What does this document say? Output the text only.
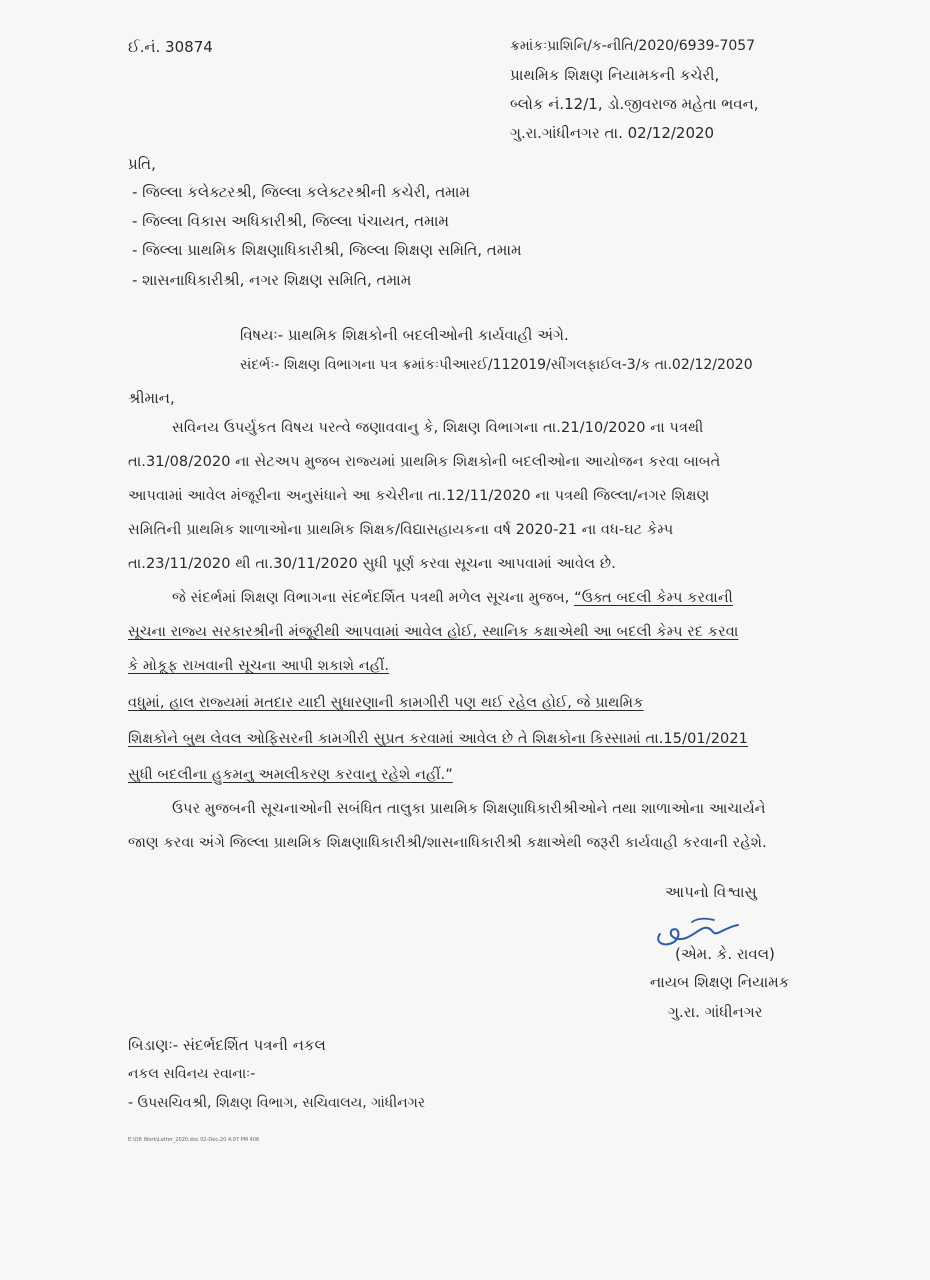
ઈ.નં. 30874	ક્રમાંકઃપ્રાશિનિ/ક-નીતિ/2020/6939-7057
પ્રાથમિક શિક્ષણ નિયામકની કચેરી,
બ્લોક નં.12/1, ડો.જીવરાજ મહેતા ભવન,
ગુ.રા.ગાંધીનગર તા. 02/12/2020
પ્રતિ,
- જિલ્લા કલેક્ટરશ્રી, જિલ્લા કલેક્ટરશ્રીની કચેરી, તમામ
- જિલ્લા વિકાસ અધિકારીશ્રી, જિલ્લા પંચાયત, તમામ
- જિલ્લા પ્રાથમિક શિક્ષણાધિકારીશ્રી, જિલ્લા શિક્ષણ સમિતિ, તમામ
- શાસનાધિકારીશ્રી, નગર શિક્ષણ સમિતિ, તમામ
વિષયઃ- પ્રાથમિક શિક્ષકોની બદલીઓની કાર્યવાહી અંગે.
સંદર્ભઃ- શિક્ષણ વિભાગના પત્ર ક્રમાંકઃપીઆરઈ/112019/સીંગલફાઈલ-3/ક તા.02/12/2020
શ્રીમાન,
સવિનય ઉપર્યુકત વિષય પરત્વે જણાવવાનુ કે, શિક્ષણ વિભાગના તા.21/10/2020 ના પત્રથી
તા.31/08/2020 ના સેટઅપ મુજબ રાજ્યમાં પ્રાથમિક શિક્ષકોની બદલીઓના આયોજન કરવા બાબતે
આપવામાં આવેલ મંજૂરીના અનુસંધાને આ કચેરીના તા.12/11/2020 ના પત્રથી જિલ્લા/નગર શિક્ષણ
સમિતિની પ્રાથમિક શાળાઓના પ્રાથમિક શિક્ષક/વિદ્યાસહાયકના વર્ષ 2020-21 ના વધ-ઘટ કેમ્પ
તા.23/11/2020 થી તા.30/11/2020 સુધી પૂર્ણ કરવા સૂચના આપવામાં આવેલ છે.
જે સંદર્ભમાં શિક્ષણ વિભાગના સંદર્ભદર્શિત પત્રથી મળેલ સૂચના મુજબ, “ઉક્ત બદલી કેમ્પ કરવાની
સૂચના રાજ્ય સરકારશ્રીની મંજૂરીથી આપવામાં આવેલ હોઈ, સ્થાનિક કક્ષાએથી આ બદલી કેમ્પ રદ કરવા
કે મોકૂફ રાખવાની સૂચના આપી શકાશે નહીં.
વધુમાં, હાલ રાજ્યમાં મતદાર યાદી સુધારણાની કામગીરી પણ થઈ રહેલ હોઈ, જે પ્રાથમિક
શિક્ષકોને બુથ લેવલ ઓફિસરની કામગીરી સુપ્રત કરવામાં આવેલ છે તે શિક્ષકોના કિસ્સામાં તા.15/01/2021
સુધી બદલીના હુકમનુ અમલીકરણ કરવાનુ રહેશે નહીં.”
ઉપર મુજબની સૂચનાઓની સબંધિત તાલુકા પ્રાથમિક શિક્ષણાધિકારીશ્રીઓને તથા શાળાઓના આચાર્યને
જાણ કરવા અંગે જિલ્લા પ્રાથમિક શિક્ષણાધિકારીશ્રી/શાસનાધિકારીશ્રી કક્ષાએથી જરૂરી કાર્યવાહી કરવાની રહેશે.
આપનો વિશ્વાસુ
(એમ. કે. રાવલ)
નાયબ શિક્ષણ નિયામક
ગુ.રા. ગાંધીનગર
બિડાણઃ- સંદર્ભદર્શિત પત્રની નકલ
નકલ સવિનય રવાનાઃ-
- ઉપસચિવશ્રી, શિક્ષણ વિભાગ, સચિવાલય, ગાંધીનગર
E:\Oft Work\Letter_2020.doc 02-Dec-20 4:07 PM 406
